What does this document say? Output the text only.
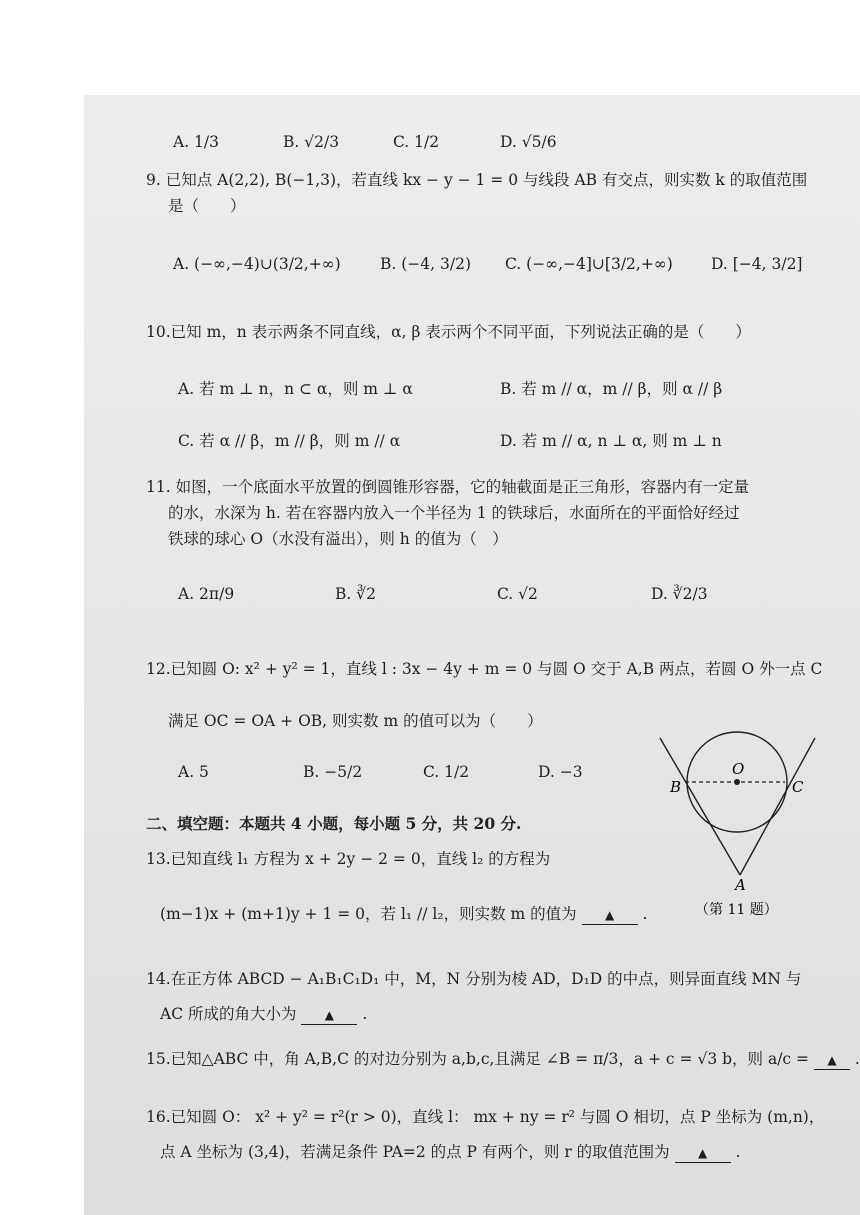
A. 1/3	B. √2/3	C. 1/2	D. √5/6
9. 已知点 A(2,2), B(−1,3)，若直线 kx − y − 1 = 0 与线段 AB 有交点，则实数 k 的取值范围
是（　　）
A. (−∞,−4)∪(3/2,+∞)	B. (−4, 3/2) C. (−∞,−4]∪[3/2,+∞) D. [−4, 3/2]
10.已知 m，n 表示两条不同直线，α, β 表示两个不同平面，下列说法正确的是（　　）
A. 若 m ⊥ n，n ⊂ α，则 m ⊥ α	B. 若 m // α，m // β，则 α // β
C. 若 α // β，m // β，则 m // α	D. 若 m // α, n ⊥ α, 则 m ⊥ n
11. 如图，一个底面水平放置的倒圆锥形容器，它的轴截面是正三角形，容器内有一定量
的水，水深为 h. 若在容器内放入一个半径为 1 的铁球后，水面所在的平面恰好经过
铁球的球心 O（水没有溢出），则 h 的值为（　）
A. 2π/9	B. ∛2	C. √2	D. ∛2/3
12.已知圆 O: x² + y² = 1，直线 l : 3x − 4y + m = 0 与圆 O 交于 A,B 两点，若圆 O 外一点 C
满足 OC = OA + OB, 则实数 m 的值可以为（　　）
A. 5	B. −5/2	C. 1/2	D. −3	O
B	C
A
（第 11 题）
二、填空题：本题共 4 小题，每小题 5 分，共 20 分.
13.已知直线 l₁ 方程为 x + 2y − 2 = 0，直线 l₂ 的方程为
(m−1)x + (m+1)y + 1 = 0，若 l₁ // l₂，则实数 m 的值为 ▲ .
14.在正方体 ABCD − A₁B₁C₁D₁ 中，M，N 分别为棱 AD，D₁D 的中点，则异面直线 MN 与
AC 所成的角大小为 ▲ .
15.已知△ABC 中，角 A,B,C 的对边分别为 a,b,c,且满足 ∠B = π/3，a + c = √3 b，则 a/c = ▲ .
16.已知圆 O： x² + y² = r²(r > 0)，直线 l： mx + ny = r² 与圆 O 相切，点 P 坐标为 (m,n)，
点 A 坐标为 (3,4)，若满足条件 PA=2 的点 P 有两个，则 r 的取值范围为 ▲ .
